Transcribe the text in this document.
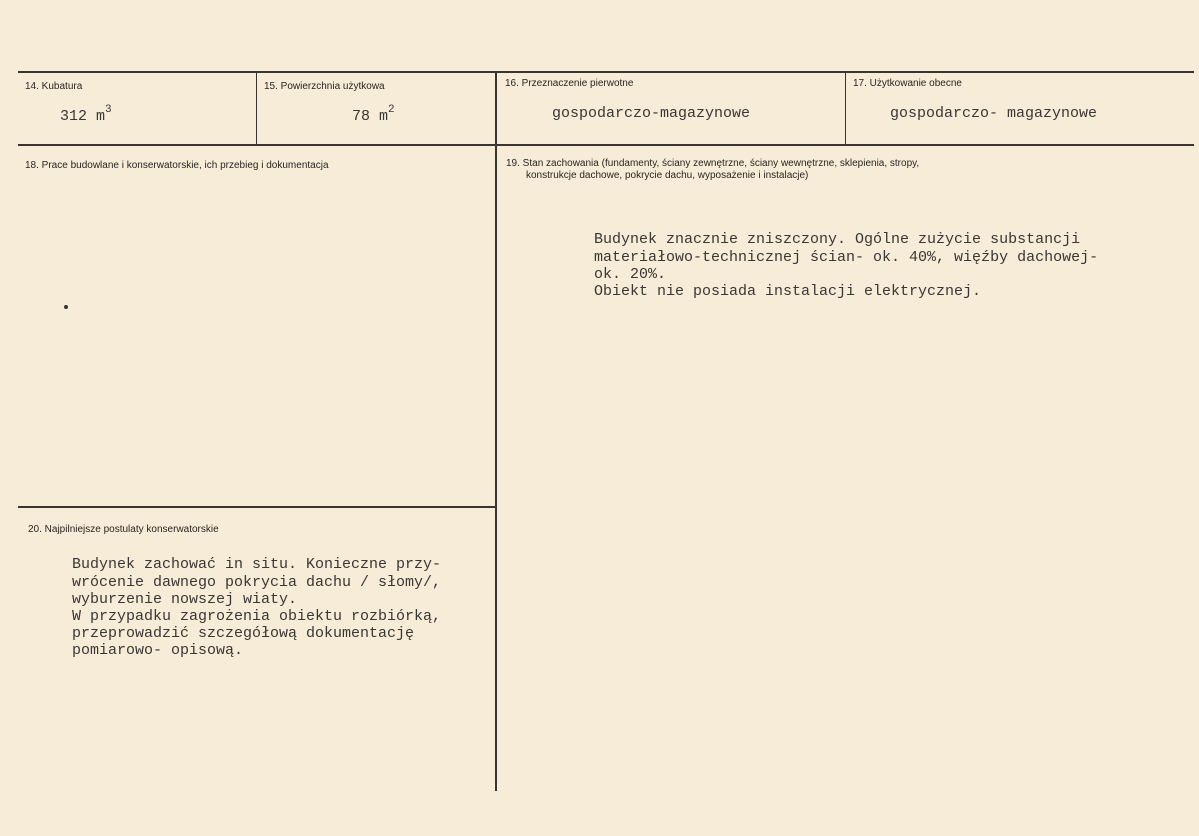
14. Kubatura
312 $m^3$
15. Powierzchnia użytkowa
78 $m^2$
16. Przeznaczenie pierwotne
gospodarczo-magazynowe
17. Użytkowanie obecne
gospodarczo- magazynowe
18. Prace budowlane i konserwatorskie, ich przebieg i dokumentacja	19. Stan zachowania (fundamenty, ściany zewnętrzne, ściany wewnętrzne, sklepienia, stropy,
konstrukcje dachowe, pokrycie dachu, wyposażenie i instalacje)
Budynek znacznie zniszczony. Ogólne zużycie substancji
materiałowo-technicznej ścian- ok. 40%, więźby dachowej-
ok. 20%.
Obiekt nie posiada instalacji elektrycznej.
20. Najpilniejsze postulaty konserwatorskie
Budynek zachować in situ. Konieczne przy-
wrócenie dawnego pokrycia dachu / słomy/,
wyburzenie nowszej wiaty.
W przypadku zagrożenia obiektu rozbiórką,
przeprowadzić szczegółową dokumentację
pomiarowo- opisową.
